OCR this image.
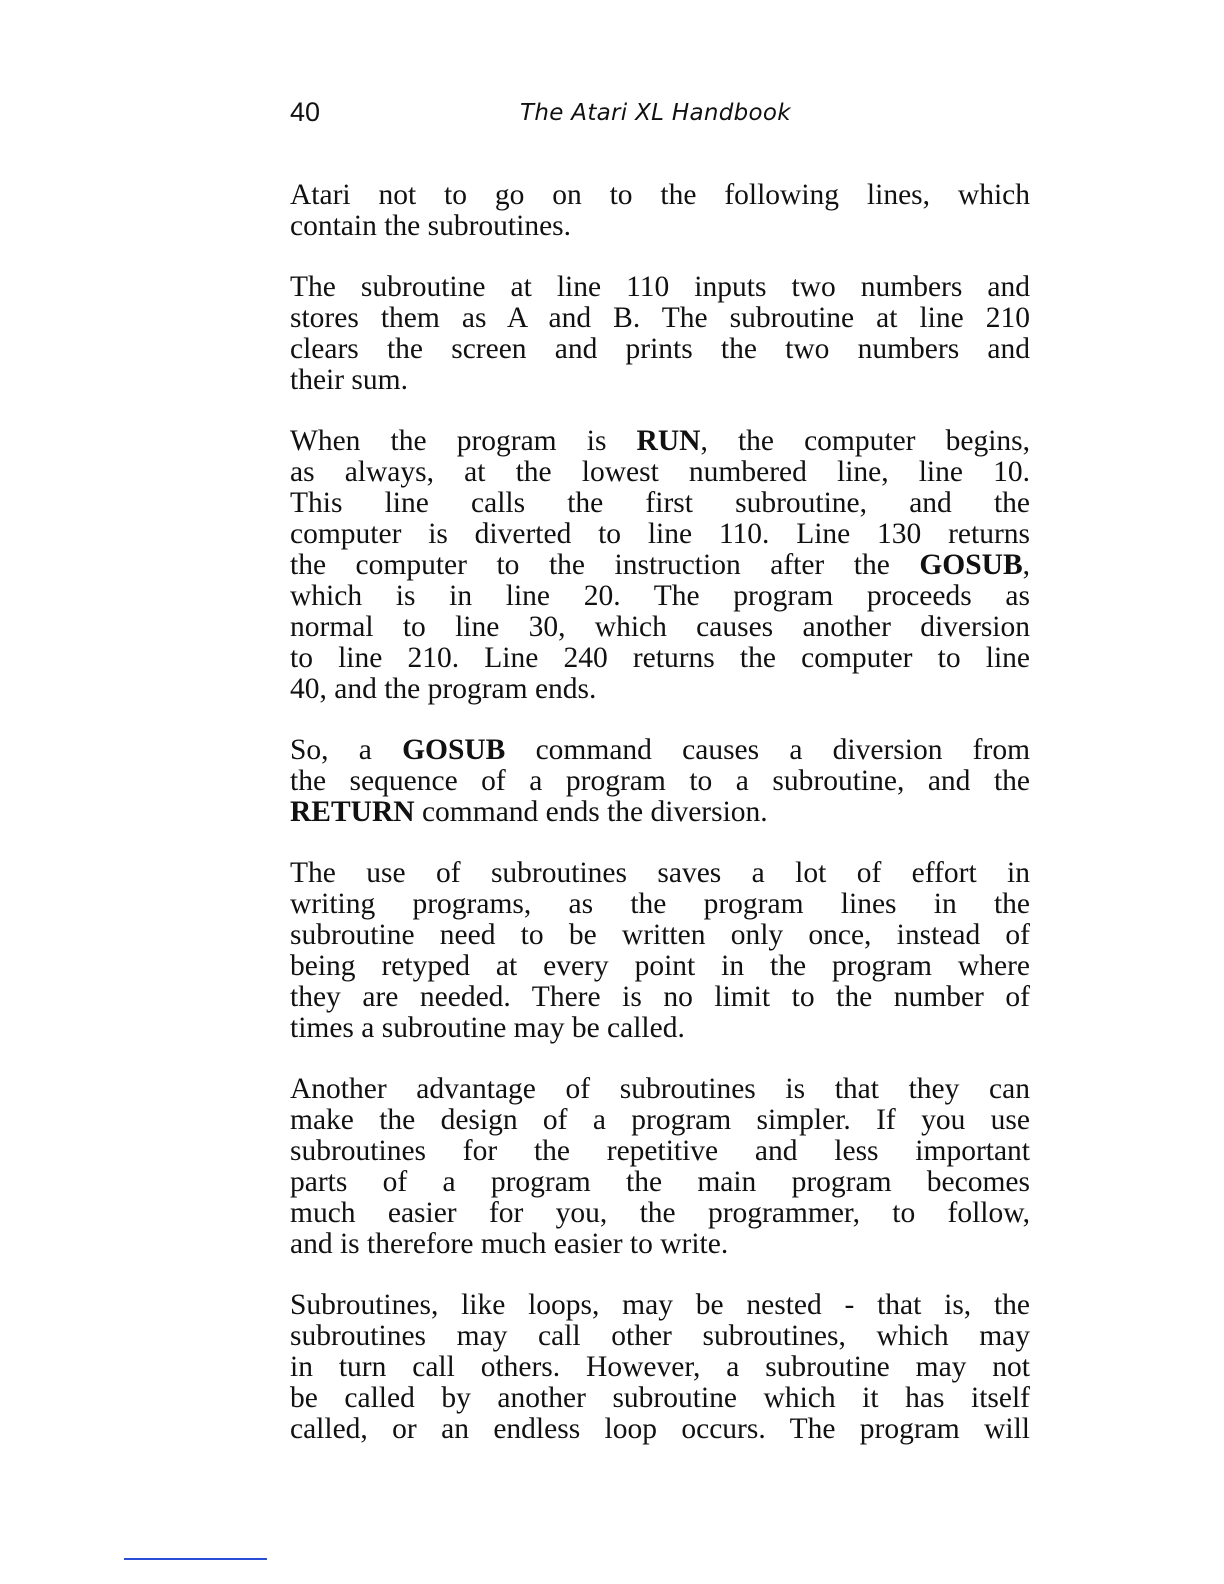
40	The Atari XL Handbook

Atari not to go on to the following lines, which
contain the subroutines.

The subroutine at line 110 inputs two numbers and
stores them as A and B. The subroutine at line 210
clears the screen and prints the two numbers and
their sum.

When the program is RUN, the computer begins,
as always, at the lowest numbered line, line 10.
This line calls the first subroutine, and the
computer is diverted to line 110. Line 130 returns
the computer to the instruction after the GOSUB,
which is in line 20. The program proceeds as
normal to line 30, which causes another diversion
to line 210. Line 240 returns the computer to line
40, and the program ends.

So, a GOSUB command causes a diversion from
the sequence of a program to a subroutine, and the
RETURN command ends the diversion.

The use of subroutines saves a lot of effort in
writing programs, as the program lines in the
subroutine need to be written only once, instead of
being retyped at every point in the program where
they are needed. There is no limit to the number of
times a subroutine may be called.

Another advantage of subroutines is that they can
make the design of a program simpler. If you use
subroutines for the repetitive and less important
parts of a program the main program becomes
much easier for you, the programmer, to follow,
and is therefore much easier to write.

Subroutines, like loops, may be nested - that is, the
subroutines may call other subroutines, which may
in turn call others. However, a subroutine may not
be called by another subroutine which it has itself
called, or an endless loop occurs. The program will
